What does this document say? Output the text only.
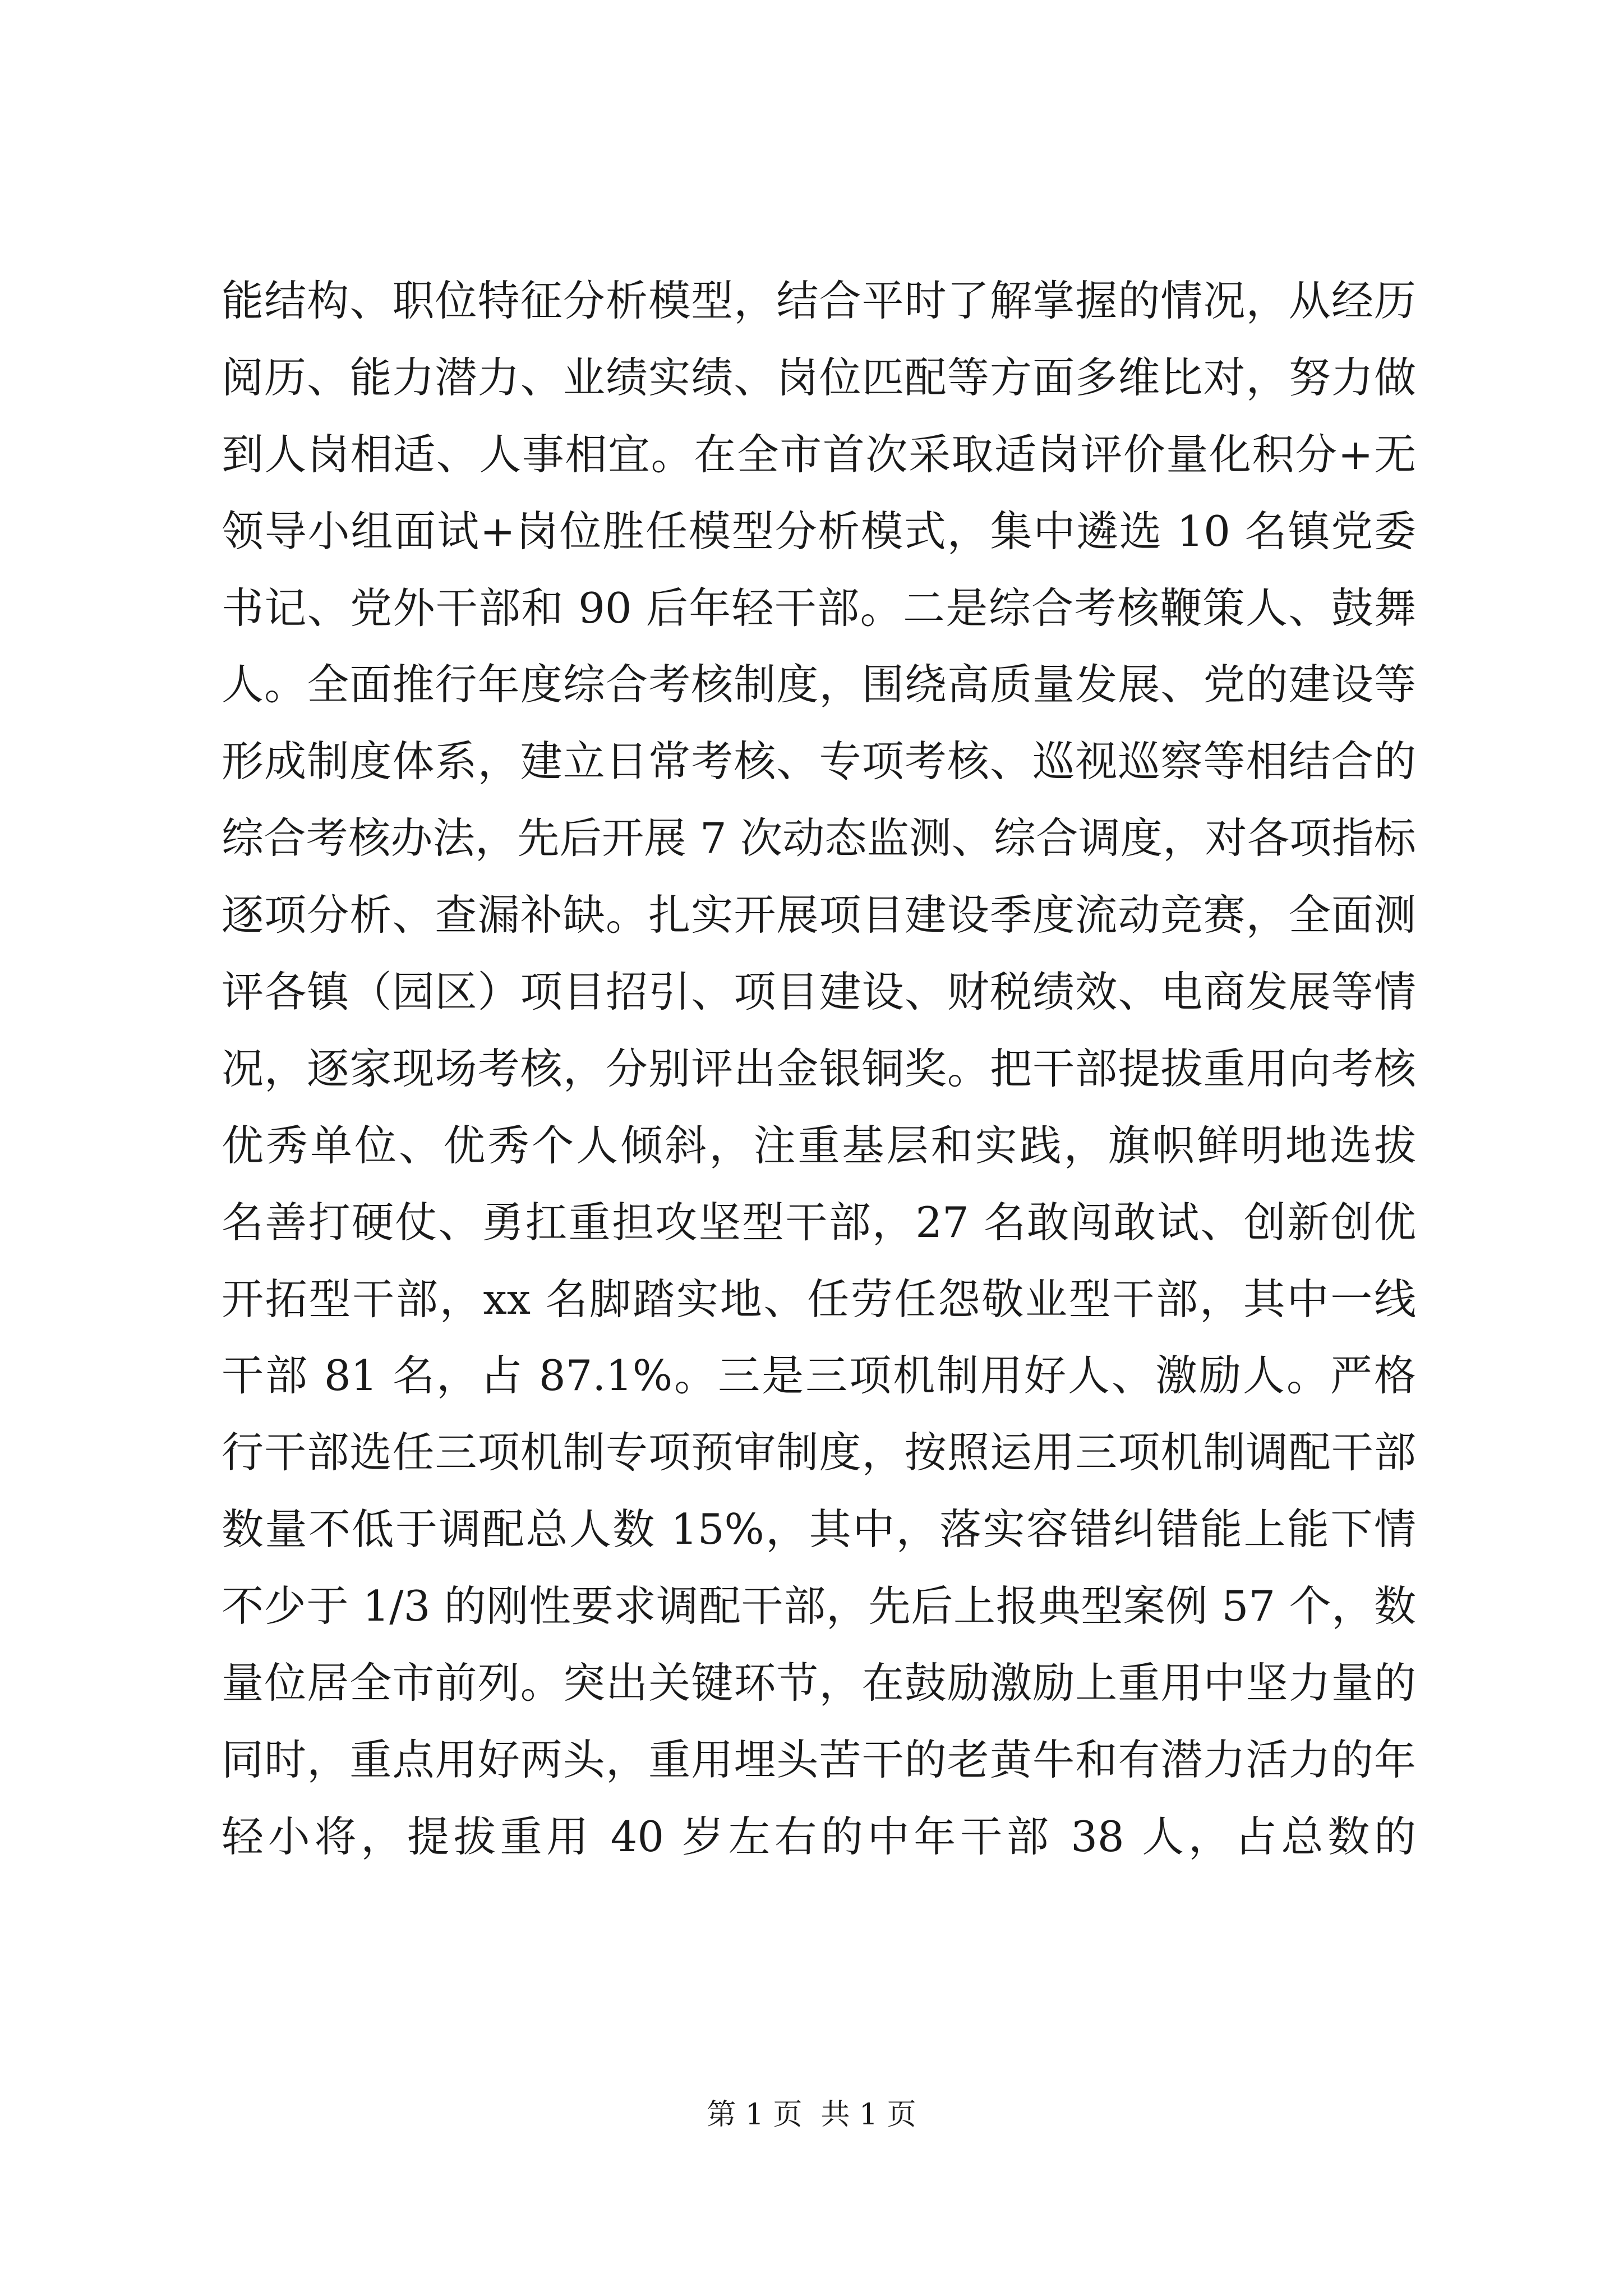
能结构、职位特征分析模型，结合平时了解掌握的情况，从经历
阅历、能力潜力、业绩实绩、岗位匹配等方面多维比对，努力做
到人岗相适、人事相宜。在全市首次采取适岗评价量化积分+无
领导小组面试+岗位胜任模型分析模式，集中遴选 10 名镇党委
书记、党外干部和 90 后年轻干部。二是综合考核鞭策人、鼓舞
人。全面推行年度综合考核制度，围绕高质量发展、党的建设等
形成制度体系，建立日常考核、专项考核、巡视巡察等相结合的
综合考核办法，先后开展 7 次动态监测、综合调度，对各项指标
逐项分析、查漏补缺。扎实开展项目建设季度流动竞赛，全面测
评各镇（园区）项目招引、项目建设、财税绩效、电商发展等情
况，逐家现场考核，分别评出金银铜奖。把干部提拔重用向考核
优秀单位、优秀个人倾斜，注重基层和实践，旗帜鲜明地选拔
名善打硬仗、勇扛重担攻坚型干部，27 名敢闯敢试、创新创优
开拓型干部，xx 名脚踏实地、任劳任怨敬业型干部，其中一线
干部 81 名，占 87.1%。三是三项机制用好人、激励人。严格
行干部选任三项机制专项预审制度，按照运用三项机制调配干部
数量不低于调配总人数 15%，其中，落实容错纠错能上能下情
不少于 1/3 的刚性要求调配干部，先后上报典型案例 57 个，数
量位居全市前列。突出关键环节，在鼓励激励上重用中坚力量的
同时，重点用好两头，重用埋头苦干的老黄牛和有潜力活力的年
轻小将，提拔重用 40 岁左右的中年干部 38 人，占总数的
第 1 页  共 1 页
